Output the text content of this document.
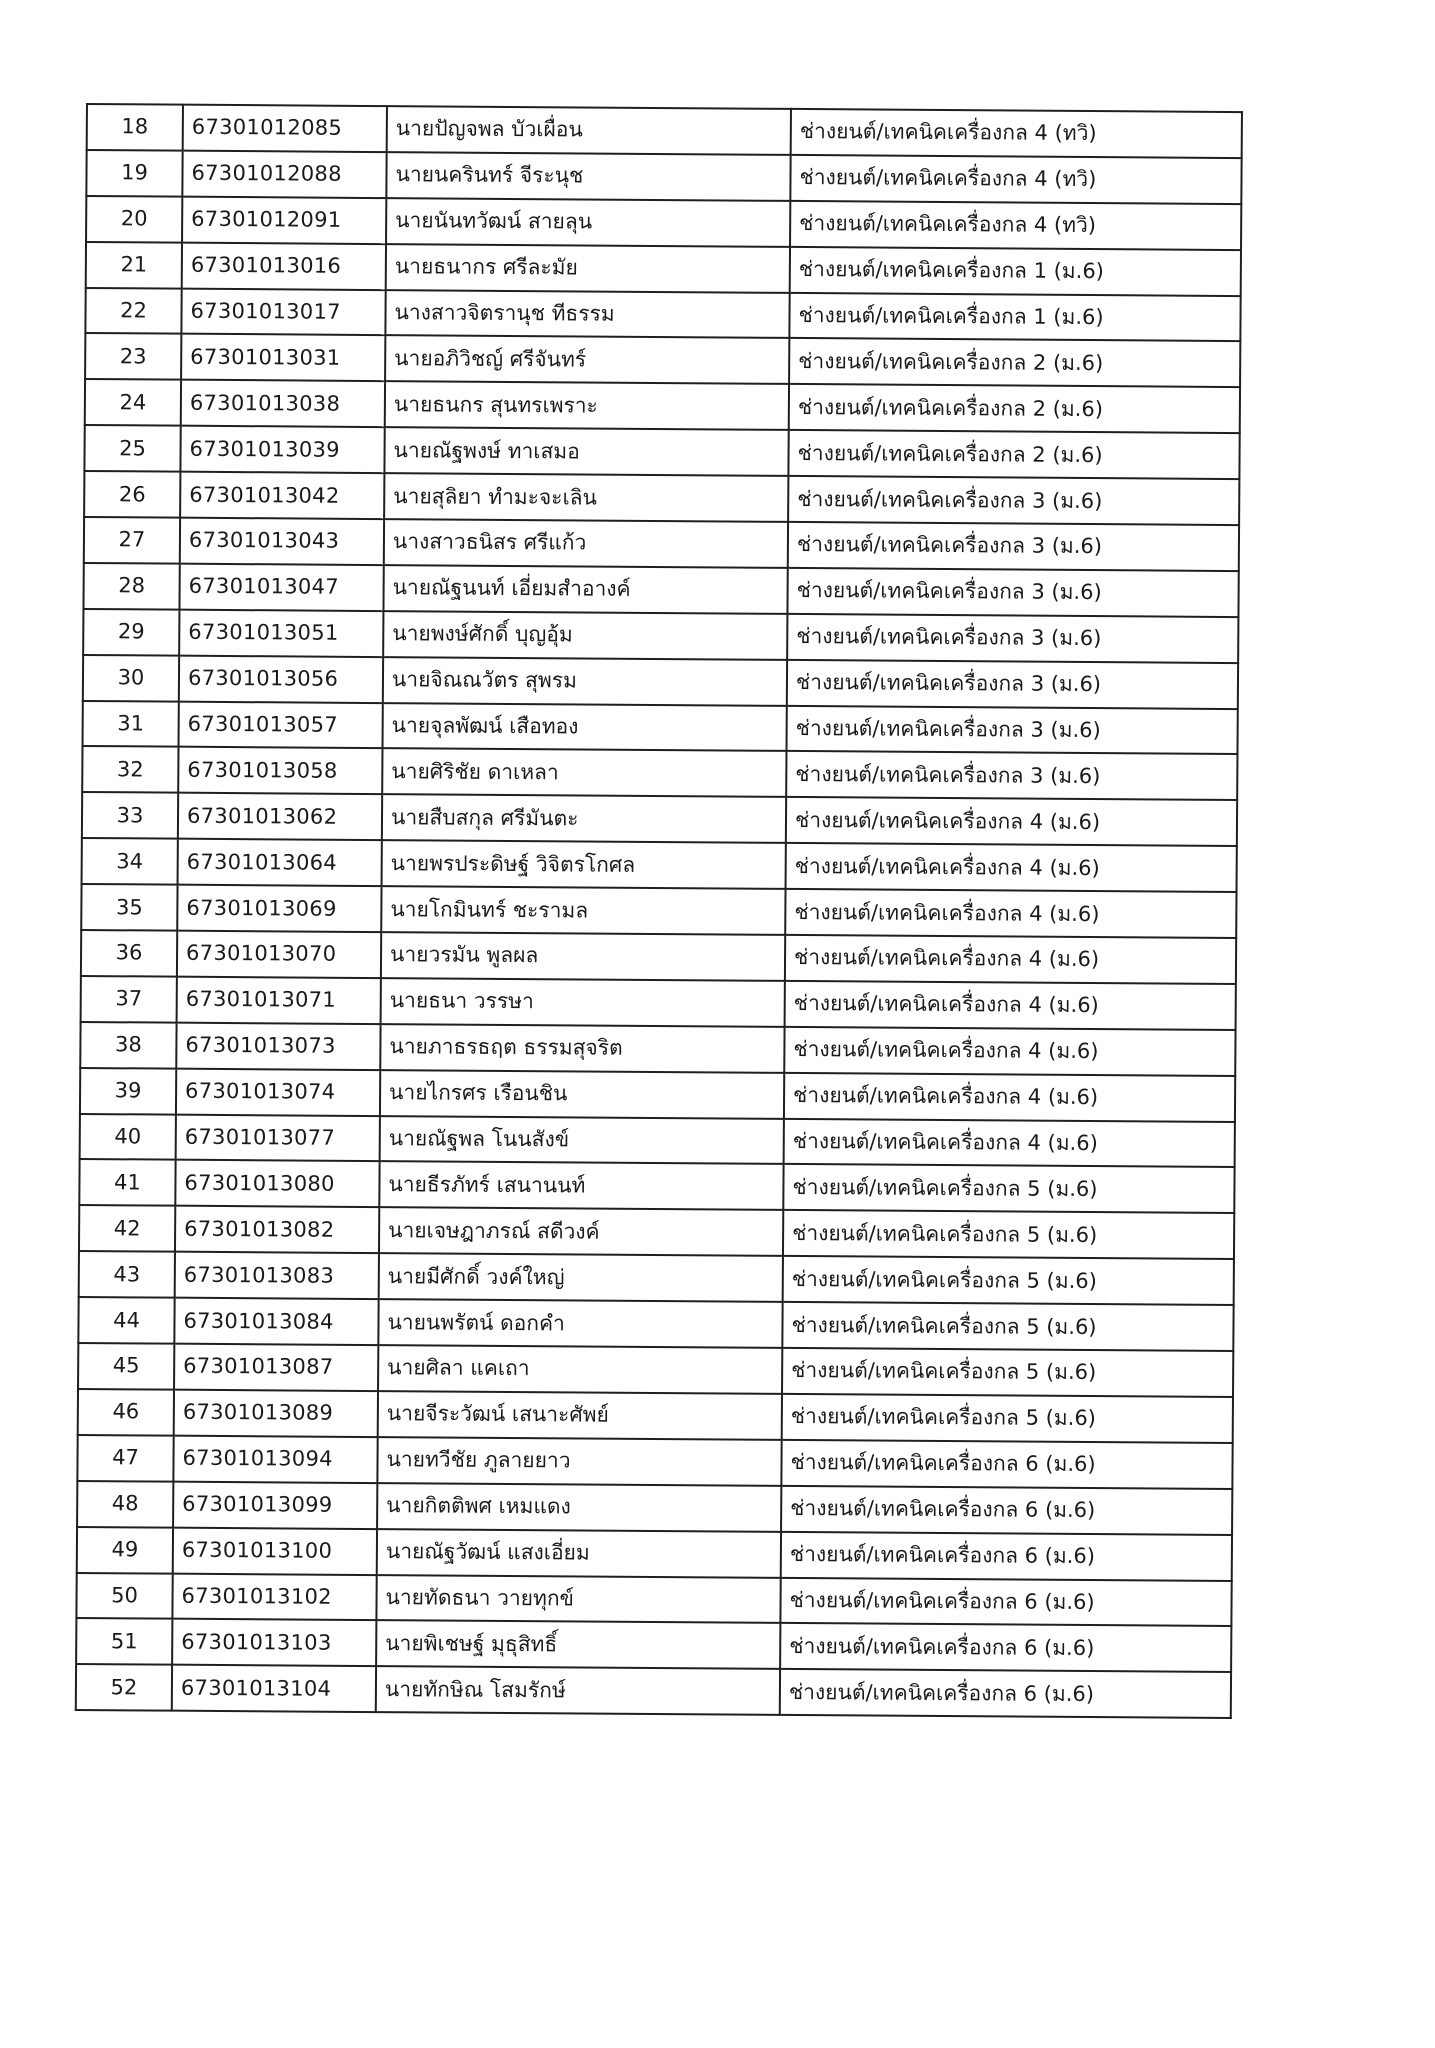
18	67301012085	นายปัญจพล บัวเผื่อน	ช่างยนต์/เทคนิคเครื่องกล 4 (ทวิ)
19	67301012088	นายนครินทร์ จีระนุช	ช่างยนต์/เทคนิคเครื่องกล 4 (ทวิ)
20	67301012091	นายนันทวัฒน์ สายลุน	ช่างยนต์/เทคนิคเครื่องกล 4 (ทวิ)
21	67301013016	นายธนากร ศรีละมัย	ช่างยนต์/เทคนิคเครื่องกล 1 (ม.6)
22	67301013017	นางสาวจิตรานุช ทีธรรม	ช่างยนต์/เทคนิคเครื่องกล 1 (ม.6)
23	67301013031	นายอภิวิชญ์ ศรีจันทร์	ช่างยนต์/เทคนิคเครื่องกล 2 (ม.6)
24	67301013038	นายธนกร สุนทรเพราะ	ช่างยนต์/เทคนิคเครื่องกล 2 (ม.6)
25	67301013039	นายณัฐพงษ์ ทาเสมอ	ช่างยนต์/เทคนิคเครื่องกล 2 (ม.6)
26	67301013042	นายสุลิยา ทำมะจะเลิน	ช่างยนต์/เทคนิคเครื่องกล 3 (ม.6)
27	67301013043	นางสาวธนิสร ศรีแก้ว	ช่างยนต์/เทคนิคเครื่องกล 3 (ม.6)
28	67301013047	นายณัฐนนท์ เอี่ยมสำอางค์	ช่างยนต์/เทคนิคเครื่องกล 3 (ม.6)
29	67301013051	นายพงษ์ศักดิ์ บุญอุ้ม	ช่างยนต์/เทคนิคเครื่องกล 3 (ม.6)
30	67301013056	นายจิณณวัตร สุพรม	ช่างยนต์/เทคนิคเครื่องกล 3 (ม.6)
31	67301013057	นายจุลพัฒน์ เสือทอง	ช่างยนต์/เทคนิคเครื่องกล 3 (ม.6)
32	67301013058	นายศิริชัย ดาเหลา	ช่างยนต์/เทคนิคเครื่องกล 3 (ม.6)
33	67301013062	นายสืบสกุล ศรีมันตะ	ช่างยนต์/เทคนิคเครื่องกล 4 (ม.6)
34	67301013064	นายพรประดิษฐ์ วิจิตรโกศล	ช่างยนต์/เทคนิคเครื่องกล 4 (ม.6)
35	67301013069	นายโกมินทร์ ชะรามล	ช่างยนต์/เทคนิคเครื่องกล 4 (ม.6)
36	67301013070	นายวรมัน พูลผล	ช่างยนต์/เทคนิคเครื่องกล 4 (ม.6)
37	67301013071	นายธนา วรรษา	ช่างยนต์/เทคนิคเครื่องกล 4 (ม.6)
38	67301013073	นายภาธรธฤต ธรรมสุจริต	ช่างยนต์/เทคนิคเครื่องกล 4 (ม.6)
39	67301013074	นายไกรศร เรือนชิน	ช่างยนต์/เทคนิคเครื่องกล 4 (ม.6)
40	67301013077	นายณัฐพล โนนสังข์	ช่างยนต์/เทคนิคเครื่องกล 4 (ม.6)
41	67301013080	นายธีรภัทร์ เสนานนท์	ช่างยนต์/เทคนิคเครื่องกล 5 (ม.6)
42	67301013082	นายเจษฎาภรณ์ สดีวงค์	ช่างยนต์/เทคนิคเครื่องกล 5 (ม.6)
43	67301013083	นายมีศักดิ์ วงค์ใหญ่	ช่างยนต์/เทคนิคเครื่องกล 5 (ม.6)
44	67301013084	นายนพรัตน์ ดอกคำ	ช่างยนต์/เทคนิคเครื่องกล 5 (ม.6)
45	67301013087	นายศิลา แคเถา	ช่างยนต์/เทคนิคเครื่องกล 5 (ม.6)
46	67301013089	นายจีระวัฒน์ เสนาะศัพย์	ช่างยนต์/เทคนิคเครื่องกล 5 (ม.6)
47	67301013094	นายทวีชัย ภูลายยาว	ช่างยนต์/เทคนิคเครื่องกล 6 (ม.6)
48	67301013099	นายกิตติพศ เหมแดง	ช่างยนต์/เทคนิคเครื่องกล 6 (ม.6)
49	67301013100	นายณัฐวัฒน์ แสงเอี่ยม	ช่างยนต์/เทคนิคเครื่องกล 6 (ม.6)
50	67301013102	นายทัดธนา วายทุกข์	ช่างยนต์/เทคนิคเครื่องกล 6 (ม.6)
51	67301013103	นายพิเชษฐ์ มุธุสิทธิ์	ช่างยนต์/เทคนิคเครื่องกล 6 (ม.6)
52	67301013104	นายทักษิณ โสมรักษ์	ช่างยนต์/เทคนิคเครื่องกล 6 (ม.6)
